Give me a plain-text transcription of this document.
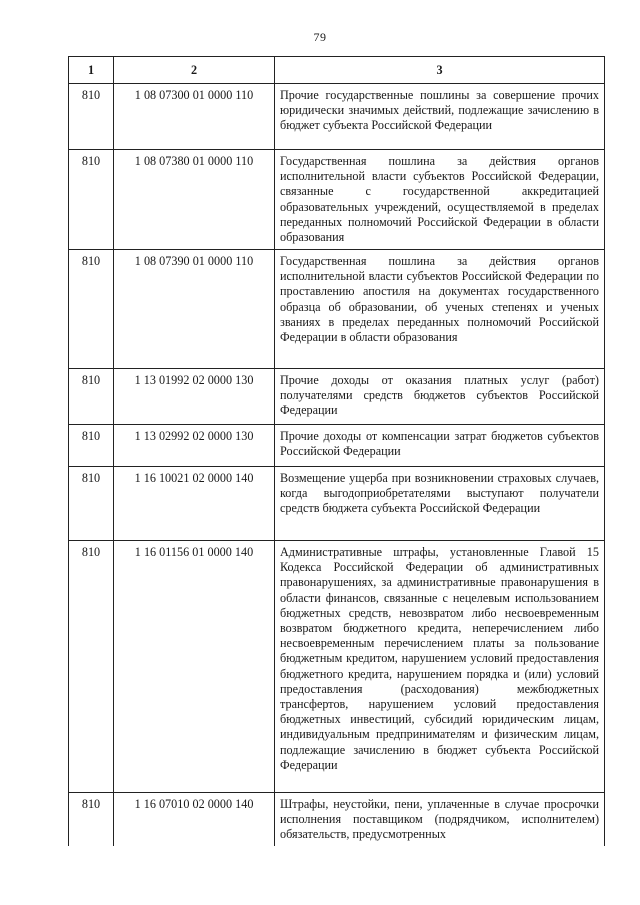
79
1	2	3
810	1 08 07300 01 0000 110	Прочие государственные пошлины за совершение прочих юридически значимых действий, подлежащие зачислению в бюджет субъекта Российской Федерации
810	1 08 07380 01 0000 110	Государственная пошлина за действия органов исполнительной власти субъектов Российской Федерации, связанные с государственной аккредитацией образовательных учреждений, осуществляемой в пределах переданных полномочий Российской Федерации в области образования
810	1 08 07390 01 0000 110	Государственная пошлина за действия органов исполнительной власти субъектов Российской Федерации по проставлению апостиля на документах государственного образца об образовании, об ученых степенях и ученых званиях в пределах переданных полномочий Российской Федерации в области образования
810	1 13 01992 02 0000 130	Прочие доходы от оказания платных услуг (работ) получателями средств бюджетов субъектов Российской Федерации
810	1 13 02992 02 0000 130	Прочие доходы от компенсации затрат бюджетов субъектов Российской Федерации
810	1 16 10021 02 0000 140	Возмещение ущерба при возникновении страховых случаев, когда выгодоприобретателями выступают получатели средств бюджета субъекта Российской Федерации
810	1 16 01156 01 0000 140	Административные штрафы, установленные Главой 15 Кодекса Российской Федерации об административных правонарушениях, за административные правонарушения в области финансов, связанные с нецелевым использованием бюджетных средств, невозвратом либо несвоевременным возвратом бюджетного кредита, неперечислением либо несвоевременным перечислением платы за пользование бюджетным кредитом, нарушением условий предоставления бюджетного кредита, нарушением порядка и (или) условий предоставления (расходования) межбюджетных трансфертов, нарушением условий предоставления бюджетных инвестиций, субсидий юридическим лицам, индивидуальным предпринимателям и физическим лицам, подлежащие зачислению в бюджет субъекта Российской Федерации
810	1 16 07010 02 0000 140	Штрафы, неустойки, пени, уплаченные в случае просрочки исполнения поставщиком (подрядчиком, исполнителем) обязательств, предусмотренных
